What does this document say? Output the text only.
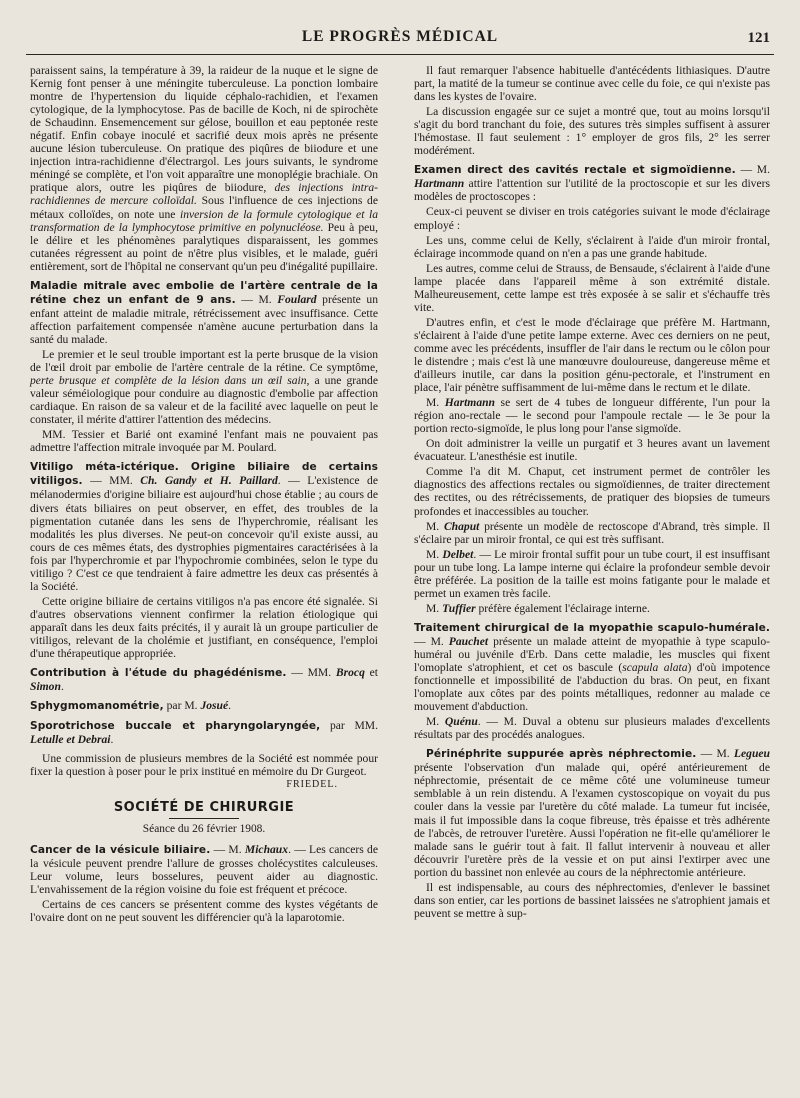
LE PROGRÈS MÉDICAL	121

paraissent sains, la température à 39, la raideur de la nuque et le signe de Kernig font penser à une méningite tuberculeuse. La ponction lombaire montre de l'hypertension du liquide céphalo-rachidien, et l'examen cytologique, de la lymphocytose. Pas de bacille de Koch, ni de spirochète de Schaudinn. Ensemencement sur gélose, bouillon et eau peptonée reste négatif. Enfin cobaye inoculé et sacrifié deux mois après ne présente aucune lésion tuberculeuse. On pratique des piqûres de biiodure et une injection intra-rachidienne d'électrargol. Les jours suivants, le syndrome méningé se complète, et l'on voit apparaître une monoplégie brachiale. On pratique alors, outre les piqûres de biiodure, des injections intra-rachidiennes de mercure colloïdal. Sous l'influence de ces injections de métaux colloïdes, on note une inversion de la formule cytologique et la transformation de la lymphocytose primitive en polynucléose. Peu à peu, le délire et les phénomènes paralytiques disparaissent, les gommes cutanées régressent au point de n'être plus visibles, et le malade, guéri entièrement, sort de l'hôpital ne conservant qu'un peu d'inégalité pupillaire.

Maladie mitrale avec embolie de l'artère centrale de la rétine chez un enfant de 9 ans. — M. Foulard présente un enfant atteint de maladie mitrale, rétrécissement avec insuffisance. Cette affection parfaitement compensée n'amène aucune perturbation dans la santé du malade.

Le premier et le seul trouble important est la perte brusque de la vision de l'œil droit par embolie de l'artère centrale de la rétine. Ce symptôme, perte brusque et complète de la lésion dans un œil sain, a une grande valeur séméiologique pour conduire au diagnostic d'embolie par affection cardiaque. En raison de sa valeur et de la facilité avec laquelle on peut le constater, il mérite d'attirer l'attention des médecins.

MM. Tessier et Barié ont examiné l'enfant mais ne pouvaient pas admettre l'affection mitrale invoquée par M. Poulard.

Vitiligo méta-ictérique. Origine biliaire de certains vitiligos. — MM. Ch. Gandy et H. Paillard. — L'existence de mélanodermies d'origine biliaire est aujourd'hui chose établie ; au cours de divers états biliaires on peut observer, en effet, des troubles de la pigmentation cutanée dans les sens de l'hyperchromie, réalisant les modalités les plus diverses. Ne peut-on concevoir qu'il existe aussi, au cours de ces mêmes états, des dystrophies pigmentaires caractérisées à la fois par l'hyperchromie et par l'hypochromie combinées, selon le type du vitiligo ? C'est ce que tendraient à faire admettre les deux cas présentés à la Société.

Cette origine biliaire de certains vitiligos n'a pas encore été signalée. Si d'autres observations viennent confirmer la relation étiologique qui apparaît dans les deux faits précités, il y aurait là un groupe particulier de vitiligos, relevant de la cholémie et justifiant, en conséquence, l'emploi d'une thérapeutique appropriée.

Contribution à l'étude du phagédénisme. — MM. Brocq et Simon.

Sphygmomanométrie, par M. Josué.

Sporotrichose buccale et pharyngolaryngée, par MM. Letulle et Debrai.

Une commission de plusieurs membres de la Société est nommée pour fixer la question à poser pour le prix institué en mémoire du Dr Gurgeot.
FRIEDEL.

SOCIÉTÉ DE CHIRURGIE
Séance du 26 février 1908.

Cancer de la vésicule biliaire. — M. Michaux. — Les cancers de la vésicule peuvent prendre l'allure de grosses cholécystites calculeuses. Leur volume, leurs bosselures, peuvent aider au diagnostic. L'envahissement de la région voisine du foie est fréquent et précoce.

Certains de ces cancers se présentent comme des kystes végétants de l'ovaire dont on ne peut souvent les différencier qu'à la laparotomie.

Il faut remarquer l'absence habituelle d'antécédents lithiasiques. D'autre part, la matité de la tumeur se continue avec celle du foie, ce qui n'existe pas dans les kystes de l'ovaire.

La discussion engagée sur ce sujet a montré que, tout au moins lorsqu'il s'agit du bord tranchant du foie, des sutures très simples suffisent à assurer l'hémostase. Il faut seulement : 1° employer de gros fils, 2° les serrer modérément.

Examen direct des cavités rectale et sigmoïdienne. — M. Hartmann attire l'attention sur l'utilité de la proctoscopie et sur les divers modèles de proctoscopes :

Ceux-ci peuvent se diviser en trois catégories suivant le mode d'éclairage employé :

Les uns, comme celui de Kelly, s'éclairent à l'aide d'un miroir frontal, éclairage incommode quand on n'en a pas une grande habitude.

Les autres, comme celui de Strauss, de Bensaude, s'éclairent à l'aide d'une lampe placée dans l'appareil même à son extrémité distale. Malheureusement, cette lampe est très exposée à se salir et s'échauffe très vite.

D'autres enfin, et c'est le mode d'éclairage que préfère M. Hartmann, s'éclairent à l'aide d'une petite lampe externe. Avec ces derniers on ne peut, comme avec les précédents, insuffler de l'air dans le rectum ou le côlon pour le distendre ; mais c'est là une manœuvre douloureuse, dangereuse même et d'ailleurs inutile, car dans la position génu-pectorale, et l'instrument en place, l'air pénètre suffisamment de lui-même dans le rectum et le dilate.

M. Hartmann se sert de 4 tubes de longueur différente, l'un pour la région ano-rectale — le second pour l'ampoule rectale — le 3e pour la portion recto-sigmoïde, le plus long pour l'anse sigmoïde.

On doit administrer la veille un purgatif et 3 heures avant un lavement évacuateur. L'anesthésie est inutile.

Comme l'a dit M. Chaput, cet instrument permet de contrôler les diagnostics des affections rectales ou sigmoïdiennes, de traiter directement des rectites, ou des rétrécissements, de pratiquer des biopsies de tumeurs profondes et inaccessibles au toucher.

M. Chaput présente un modèle de rectoscope d'Abrand, très simple. Il s'éclaire par un miroir frontal, ce qui est très suffisant.

M. Delbet. — Le miroir frontal suffit pour un tube court, il est insuffisant pour un tube long. La lampe interne qui éclaire la profondeur semble devoir être préférée. La position de la taille est moins fatigante pour le malade et permet un examen très facile.

M. Tuffier préfère également l'éclairage interne.

Traitement chirurgical de la myopathie scapulo-humérale. — M. Pauchet présente un malade atteint de myopathie à type scapulo-huméral ou juvénile d'Erb. Dans cette maladie, les muscles qui fixent l'omoplate s'atrophient, et cet os bascule (scapula alata) d'où impotence fonctionnelle et impossibilité de l'abduction du bras. On peut, en fixant l'omoplate aux côtes par des points métalliques, redonner au malade ce mouvement d'abduction.

M. Quénu. — M. Duval a obtenu sur plusieurs malades d'excellents résultats par des procédés analogues.

Périnéphrite suppurée après néphrectomie. — M. Legueu présente l'observation d'un malade qui, opéré antérieurement de néphrectomie, présentait de ce même côté une volumineuse tumeur semblable à un rein distendu. A l'examen cystoscopique on voyait du pus couler dans la vessie par l'uretère du côté malade. La tumeur fut incisée, mais il fut impossible dans la coque fibreuse, très épaisse et très adhérente de l'abcès, de retrouver l'uretère. Aussi l'opération ne fit-elle qu'améliorer le malade sans le guérir tout à fait. Il fallut intervenir à nouveau et aller découvrir l'uretère près de la vessie et on put ainsi l'extirper avec une portion du bassinet non enlevée au cours de la néphrectomie antérieure.

Il est indispensable, au cours des néphrectomies, d'enlever le bassinet dans son entier, car les portions de bassinet laissées ne s'atrophient jamais et peuvent se mettre à sup-
